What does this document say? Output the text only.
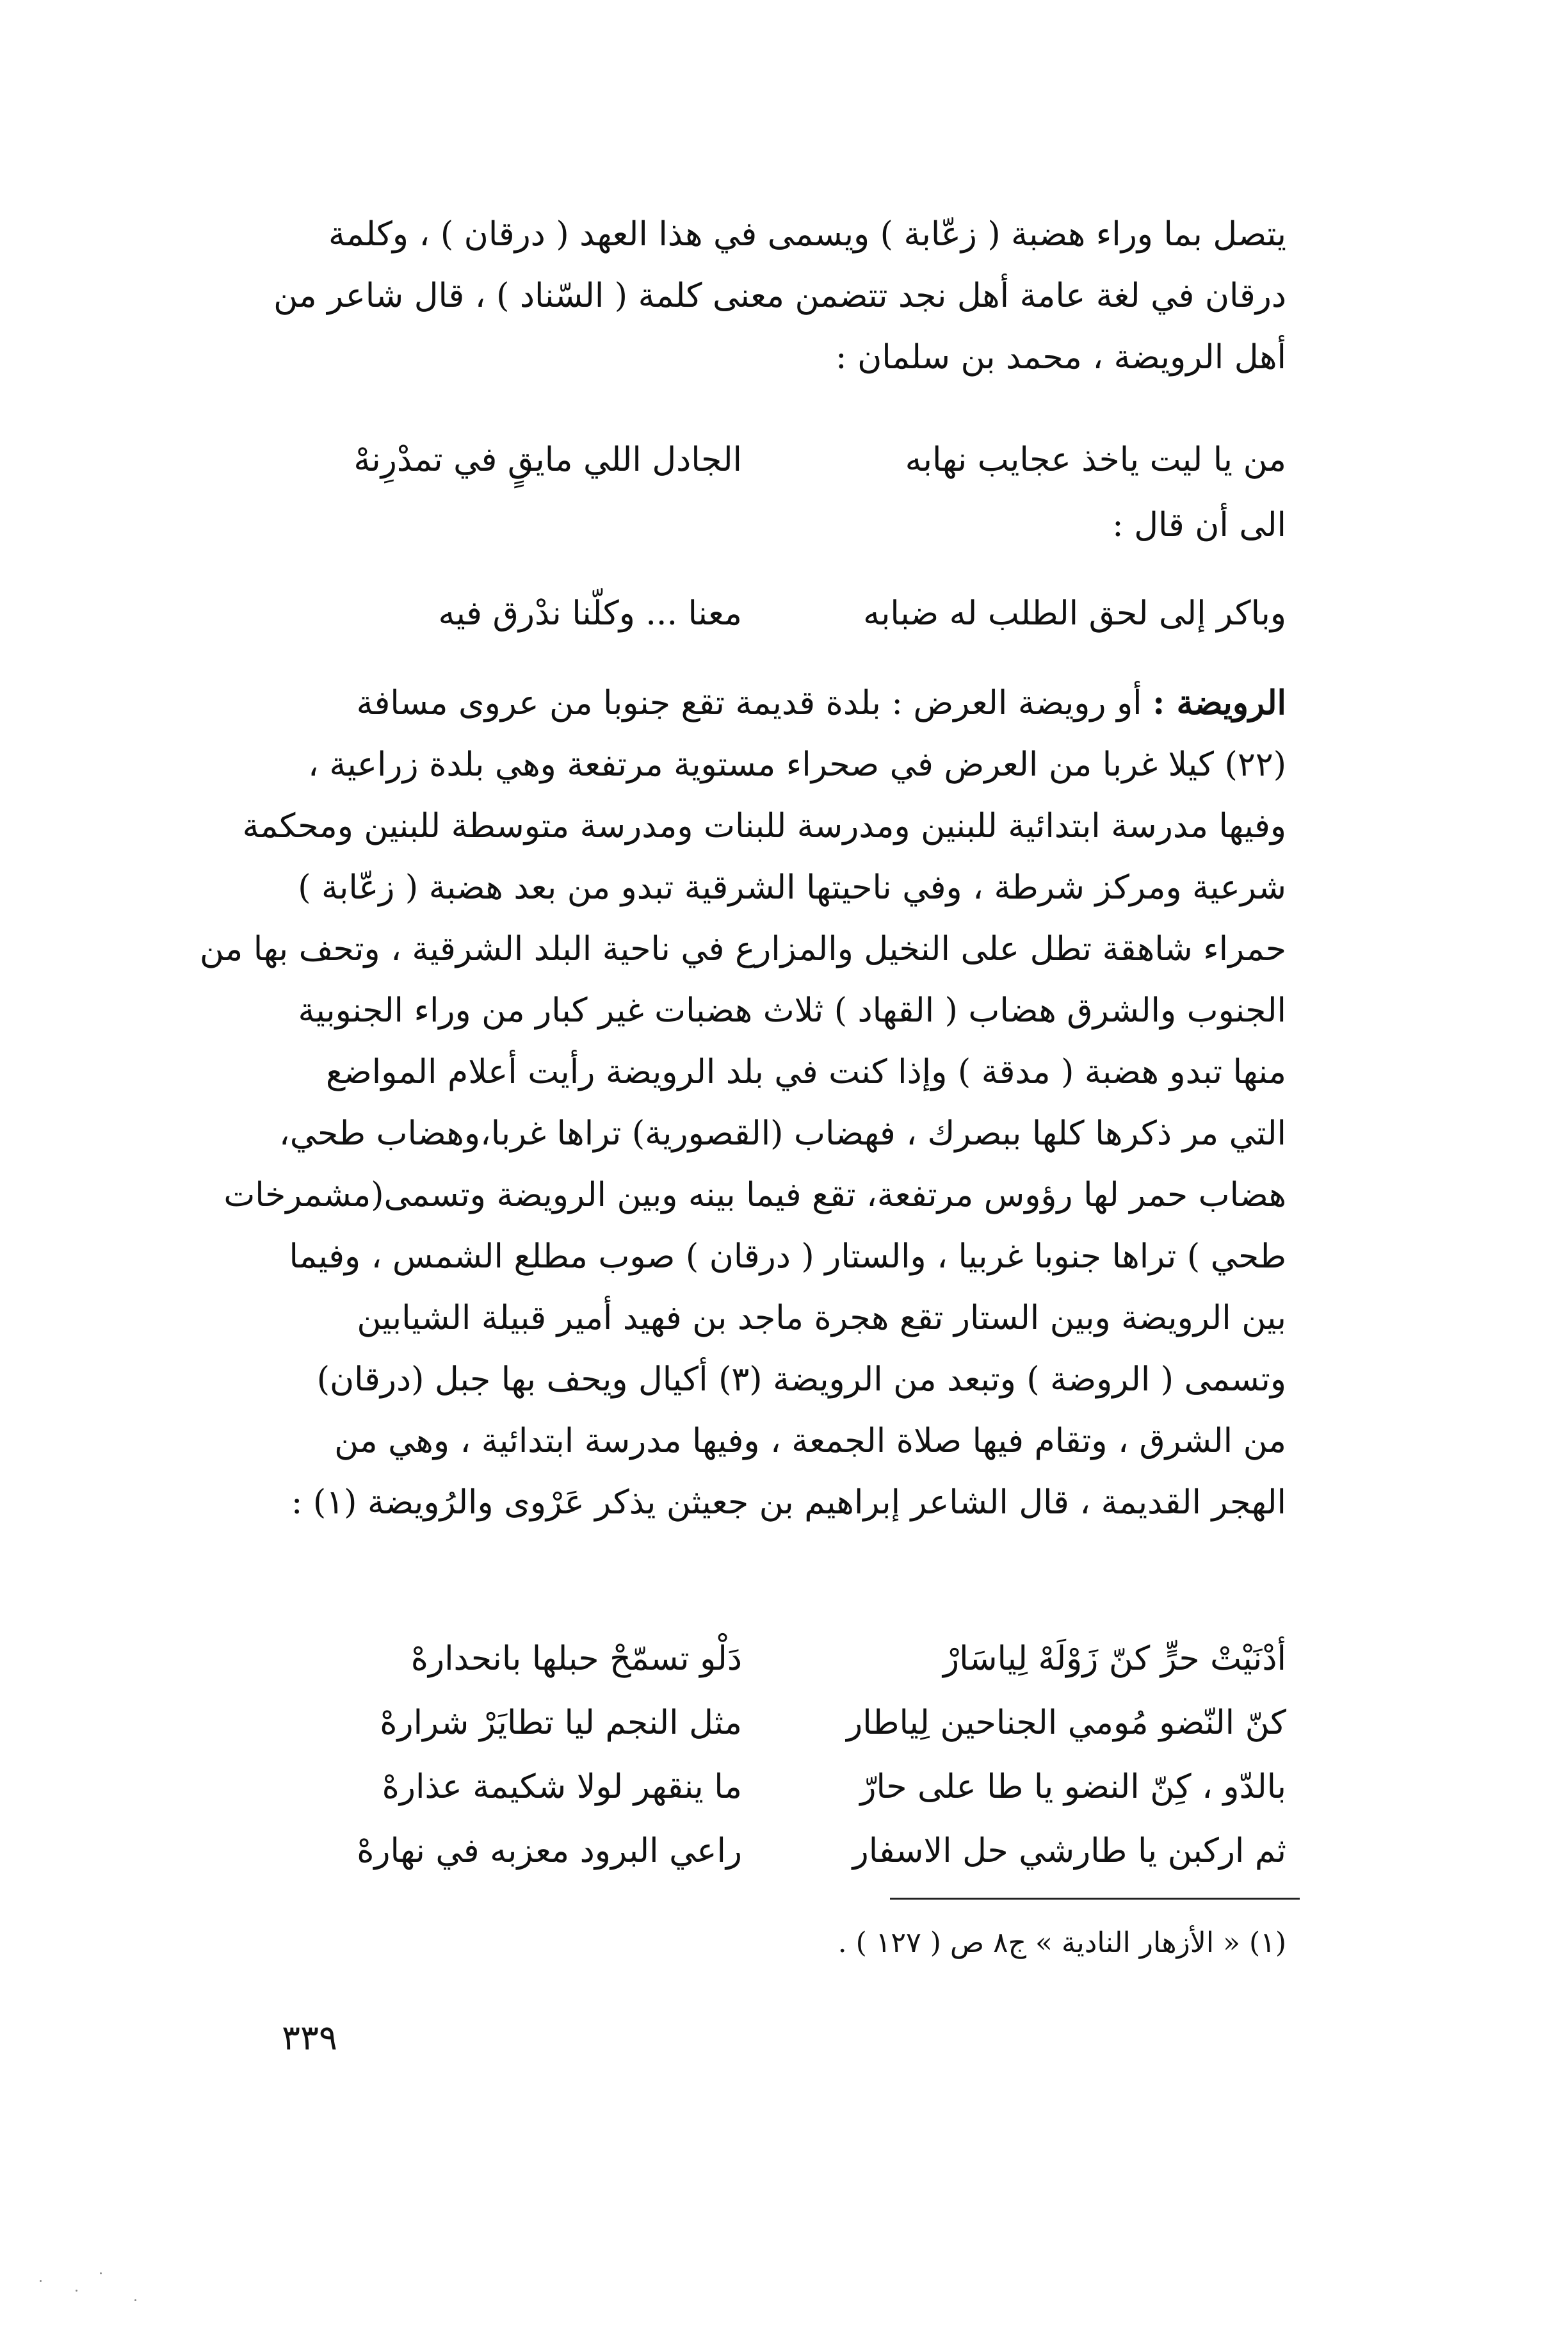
يتصل بما وراء هضبة ( زعّابة ) ويسمى في هذا العهد ( درقان ) ، وكلمة
درقان في لغة عامة أهل نجد تتضمن معنى كلمة ( السّناد ) ، قال شاعر من
أهل الرويضة ، محمد بن سلمان :
من يا ليت ياخذ عجايب نهابه
الجادل اللي مايقٍ في تمدْرِنهْ
الى أن قال :
وباكر إلى لحق الطلب له ضبابه
معنا ... وكلّنا ندْرق فيه
الرويضة : أو رويضة العرض : بلدة قديمة تقع جنوبا من عروى مسافة
(٢٢) كيلا غربا من العرض في صحراء مستوية مرتفعة وهي بلدة زراعية ،
وفيها مدرسة ابتدائية للبنين ومدرسة للبنات ومدرسة متوسطة للبنين ومحكمة
شرعية ومركز شرطة ، وفي ناحيتها الشرقية تبدو من بعد هضبة ( زعّابة )
حمراء شاهقة تطل على النخيل والمزارع في ناحية البلد الشرقية ، وتحف بها من
الجنوب والشرق هضاب ( القهاد ) ثلاث هضبات غير كبار من وراء الجنوبية
منها تبدو هضبة ( مدقة ) وإذا كنت في بلد الرويضة رأيت أعلام المواضع
التي مر ذكرها كلها ببصرك ، فهضاب (القصورية) تراها غربا،وهضاب طحي،
هضاب حمر لها رؤوس مرتفعة، تقع فيما بينه وبين الرويضة وتسمى(مشمرخات
طحي ) تراها جنوبا غربيا ، والستار ( درقان ) صوب مطلع الشمس ، وفيما
بين الرويضة وبين الستار تقع هجرة ماجد بن فهيد أمير قبيلة الشيابين
وتسمى ( الروضة ) وتبعد من الرويضة (٣) أكيال ويحف بها جبل (درقان)
من الشرق ، وتقام فيها صلاة الجمعة ، وفيها مدرسة ابتدائية ، وهي من
الهجر القديمة ، قال الشاعر إبراهيم بن جعيثن يذكر عَرْوى والرُويضة (١) :
أدْنَيْتْ حرٍّ كنّ زَوْلَهْ لِياسَارْ
دَلْو تسمّحْ حبلها بانحدارهْ
كنّ النّضو مُومي الجناحين لِياطار
مثل النجم ليا تطايَرْ شرارهْ
بالدّو ، كِنّ النضو يا طا على حارّ
ما ينقهر لولا شكيمة عذارهْ
ثم اركبن يا طارشي حل الاسفار
راعي البرود معزبه في نهارهْ
(١) « الأزهار النادية » ج٨ ص ( ١٢٧ ) .
٣٣٩
